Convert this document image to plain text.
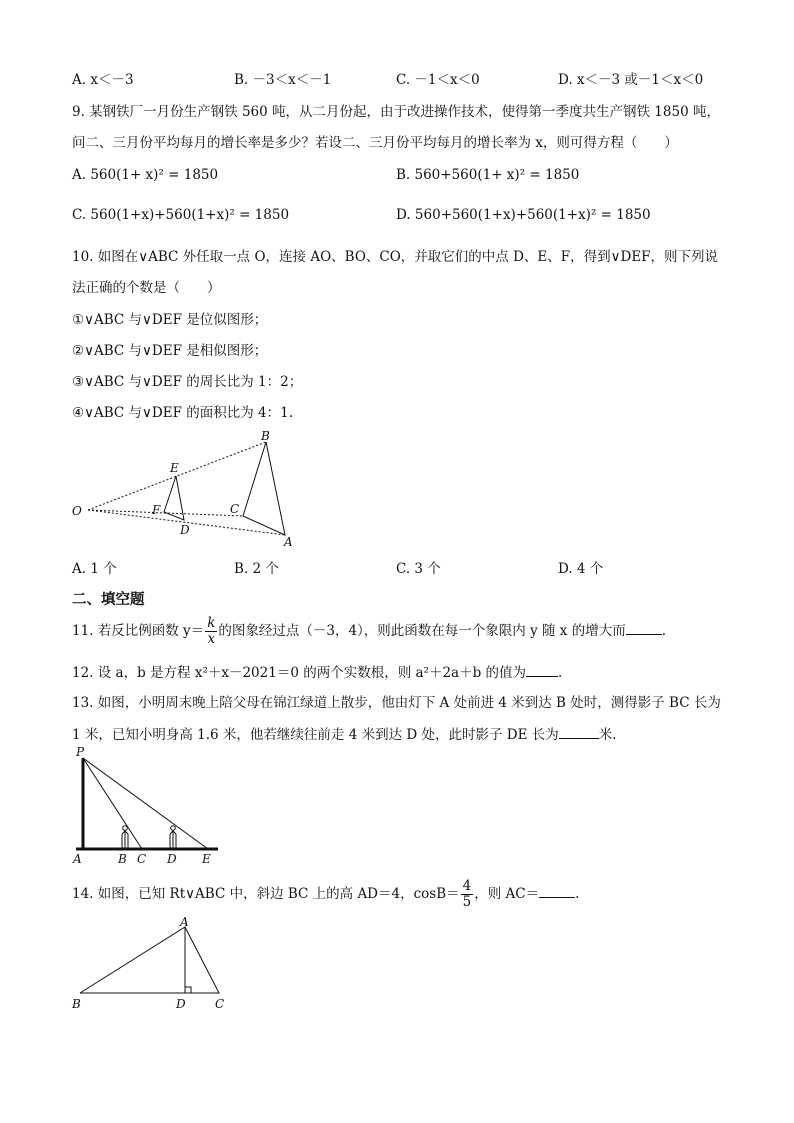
A. x＜－3	B. －3＜x＜－1	C. －1＜x＜0	D. x＜－3 或－1＜x＜0
9. 某钢铁厂一月份生产钢铁 560 吨，从二月份起，由于改进操作技术，使得第一季度共生产钢铁 1850 吨，
问二、三月份平均每月的增长率是多少？若设二、三月份平均每月的增长率为 x，则可得方程（　　）
A. 560(1+ x)² = 1850	B. 560+560(1+ x)² = 1850
C. 560(1+x)+560(1+x)² = 1850	D. 560+560(1+x)+560(1+x)² = 1850
10. 如图在∨ABC 外任取一点 O，连接 AO、BO、CO，并取它们的中点 D、E、F，得到∨DEF，则下列说
法正确的个数是（　　）
①∨ABC 与∨DEF 是位似图形；
②∨ABC 与∨DEF 是相似图形；
③∨ABC 与∨DEF 的周长比为 1：2；
④∨ABC 与∨DEF 的面积比为 4：1.
O
E
F
D
B
C
A
A. 1 个	B. 2 个	C. 3 个	D. 4 个
二、填空题
11. 若反比例函数 $y= \frac{k}{x}$ 的图象经过点（－3，4），则此函数在每一个象限内 y 随 x 的增大而	.
12. 设 a，b 是方程 x²＋x－2021＝0 的两个实数根，则 a²＋2a＋b 的值为 .
13. 如图，小明周末晚上陪父母在锦江绿道上散步，他由灯下 A 处前进 4 米到达 B 处时，测得影子 BC 长为
1 米，已知小明身高 1.6 米，他若继续往前走 4 米到达 D 处，此时影子 DE 长为	米.
P
A	B C D E
14. 如图，已知 Rt∨ABC 中，斜边 BC 上的高 AD＝4，$\cos B= \frac{4}{5}$ ，则 AC＝	.
A
B	D C
